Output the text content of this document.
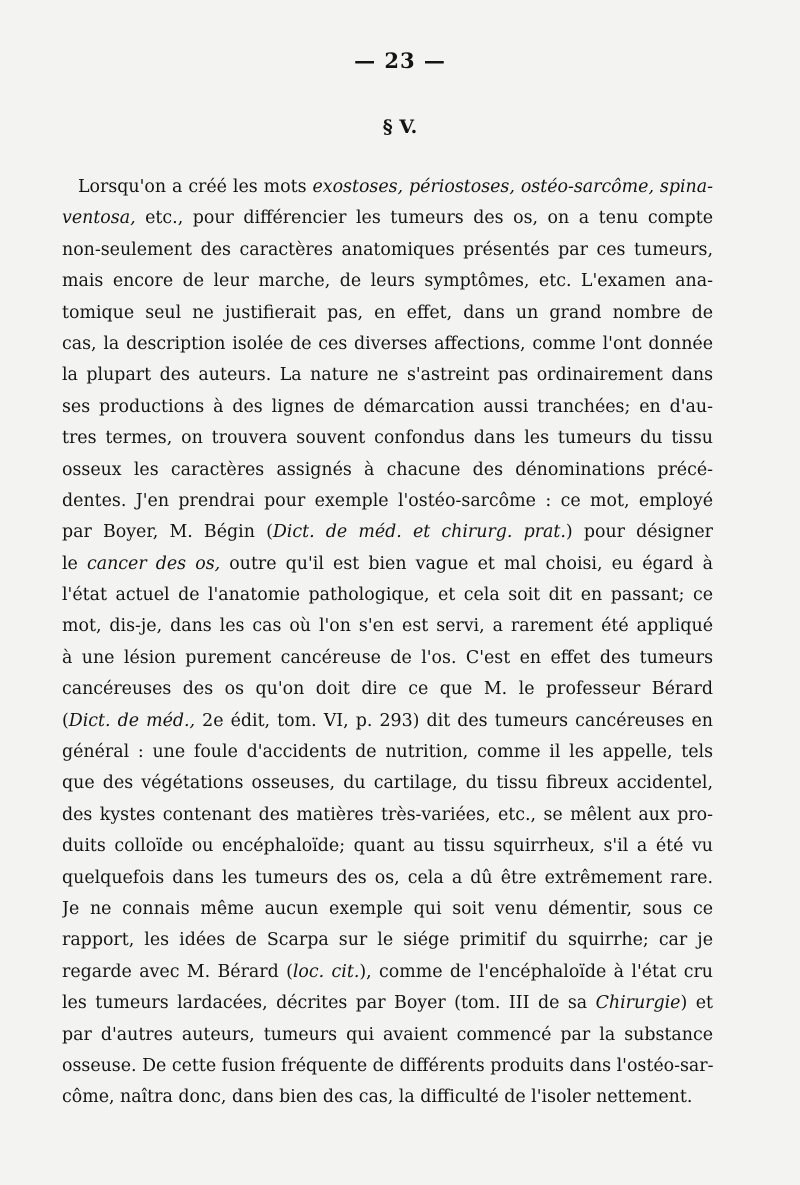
— 23 —
§ V.
Lorsqu'on a créé les mots exostoses, périostoses, ostéo-sarcôme, spina-
ventosa, etc., pour différencier les tumeurs des os, on a tenu compte
non-seulement des caractères anatomiques présentés par ces tumeurs,
mais encore de leur marche, de leurs symptômes, etc. L'examen ana-
tomique seul ne justifierait pas, en effet, dans un grand nombre de
cas, la description isolée de ces diverses affections, comme l'ont donnée
la plupart des auteurs. La nature ne s'astreint pas ordinairement dans
ses productions à des lignes de démarcation aussi tranchées; en d'au-
tres termes, on trouvera souvent confondus dans les tumeurs du tissu
osseux les caractères assignés à chacune des dénominations précé-
dentes. J'en prendrai pour exemple l'ostéo-sarcôme : ce mot, employé
par Boyer, M. Bégin (Dict. de méd. et chirurg. prat.) pour désigner
le cancer des os, outre qu'il est bien vague et mal choisi, eu égard à
l'état actuel de l'anatomie pathologique, et cela soit dit en passant; ce
mot, dis-je, dans les cas où l'on s'en est servi, a rarement été appliqué
à une lésion purement cancéreuse de l'os. C'est en effet des tumeurs
cancéreuses des os qu'on doit dire ce que M. le professeur Bérard
(Dict. de méd., 2e édit, tom. VI, p. 293) dit des tumeurs cancéreuses en
général : une foule d'accidents de nutrition, comme il les appelle, tels
que des végétations osseuses, du cartilage, du tissu fibreux accidentel,
des kystes contenant des matières très-variées, etc., se mêlent aux pro-
duits colloïde ou encéphaloïde; quant au tissu squirrheux, s'il a été vu
quelquefois dans les tumeurs des os, cela a dû être extrêmement rare.
Je ne connais même aucun exemple qui soit venu démentir, sous ce
rapport, les idées de Scarpa sur le siége primitif du squirrhe; car je
regarde avec M. Bérard (loc. cit.), comme de l'encéphaloïde à l'état cru
les tumeurs lardacées, décrites par Boyer (tom. III de sa Chirurgie) et
par d'autres auteurs, tumeurs qui avaient commencé par la substance
osseuse. De cette fusion fréquente de différents produits dans l'ostéo-sar-
côme, naîtra donc, dans bien des cas, la difficulté de l'isoler nettement.
